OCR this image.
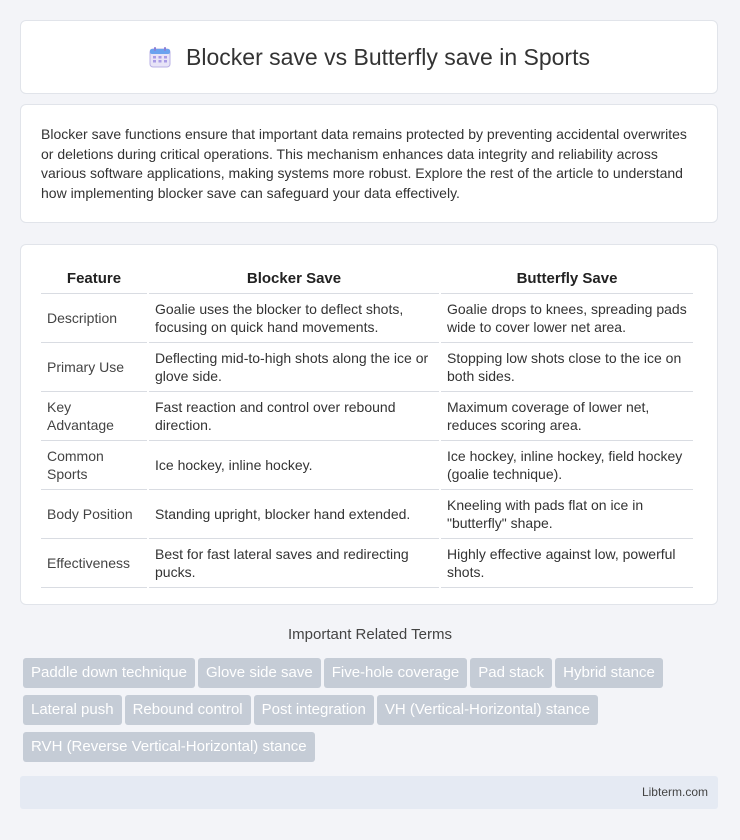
Blocker save vs Butterfly save in Sports

Blocker save functions ensure that important data remains protected by preventing accidental overwrites or deletions during critical operations. This mechanism enhances data integrity and reliability across various software applications, making systems more robust. Explore the rest of the article to understand how implementing blocker save can safeguard your data effectively.

Feature	Blocker Save	Butterfly Save
Description	Goalie uses the blocker to deflect shots, focusing on quick hand movements.	Goalie drops to knees, spreading pads wide to cover lower net area.
Primary Use	Deflecting mid-to-high shots along the ice or glove side.	Stopping low shots close to the ice on both sides.
Key Advantage	Fast reaction and control over rebound direction.	Maximum coverage of lower net, reduces scoring area.
Common Sports	Ice hockey, inline hockey.	Ice hockey, inline hockey, field hockey (goalie technique).
Body Position	Standing upright, blocker hand extended.	Kneeling with pads flat on ice in "butterfly" shape.
Effectiveness	Best for fast lateral saves and redirecting pucks.	Highly effective against low, powerful shots.
Important Related Terms
Paddle down technique Glove side save Five-hole coverage Pad stack Hybrid stance
Lateral push Rebound control Post integration VH (Vertical-Horizontal) stance
RVH (Reverse Vertical-Horizontal) stance
Libterm.com
